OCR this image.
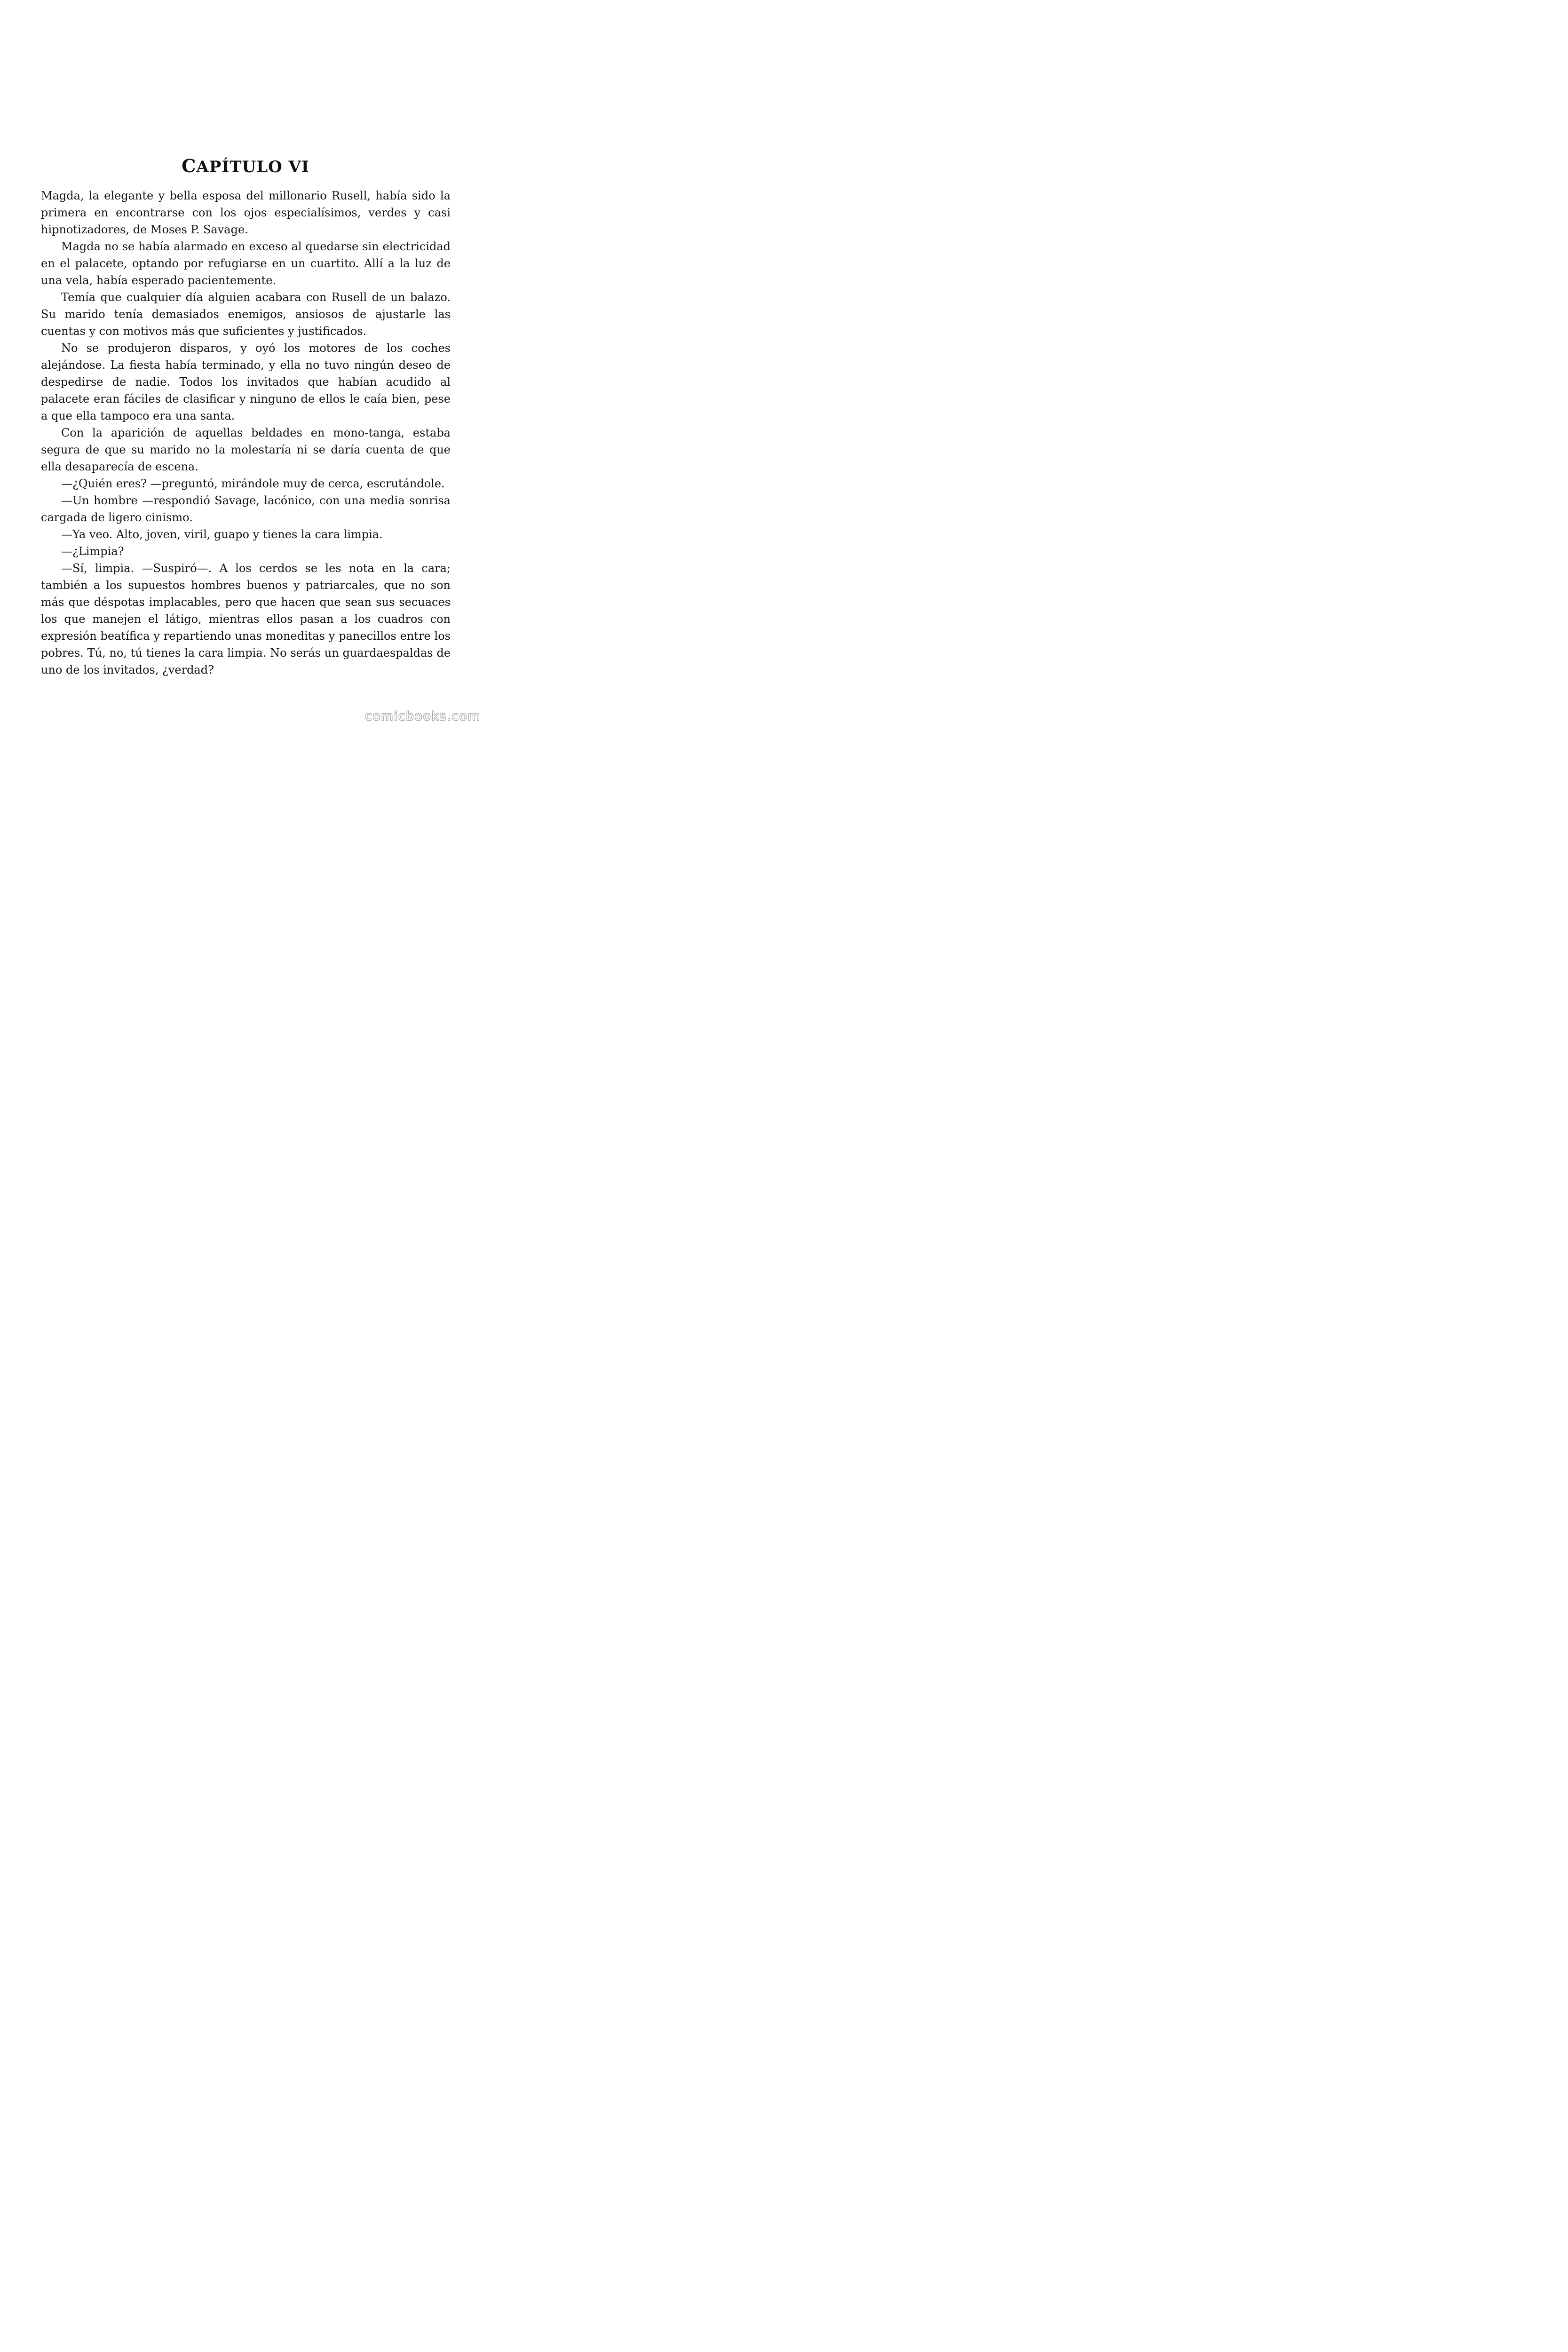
CAPÍTULO VI

Magda, la elegante y bella esposa del millonario Rusell, había sido la primera en encontrarse con los ojos especialísimos, verdes y casi hipnotizadores, de Moses P. Savage.

Magda no se había alarmado en exceso al quedarse sin electricidad en el palacete, optando por refugiarse en un cuartito. Allí a la luz de una vela, había esperado pacientemente.

Temía que cualquier día alguien acabara con Rusell de un balazo. Su marido tenía demasiados enemigos, ansiosos de ajustarle las cuentas y con motivos más que suficientes y justificados.

No se produjeron disparos, y oyó los motores de los coches alejándose. La fiesta había terminado, y ella no tuvo ningún deseo de despedirse de nadie. Todos los invitados que habían acudido al palacete eran fáciles de clasificar y ninguno de ellos le caía bien, pese a que ella tampoco era una santa.

Con la aparición de aquellas beldades en mono-tanga, estaba segura de que su marido no la molestaría ni se daría cuenta de que ella desaparecía de escena.

—¿Quién eres? —preguntó, mirándole muy de cerca, escrutándole.

—Un hombre —respondió Savage, lacónico, con una media sonrisa cargada de ligero cinismo.

—Ya veo. Alto, joven, viril, guapo y tienes la cara limpia.

—¿Limpia?

—Sí, limpia. —Suspiró—. A los cerdos se les nota en la cara; también a los supuestos hombres buenos y patriarcales, que no son más que déspotas implacables, pero que hacen que sean sus secuaces los que manejen el látigo, mientras ellos pasan a los cuadros con expresión beatífica y repartiendo unas moneditas y panecillos entre los pobres. Tú, no, tú tienes la cara limpia. No serás un guardaespaldas de uno de los invitados, ¿verdad?

comicbooks.com
